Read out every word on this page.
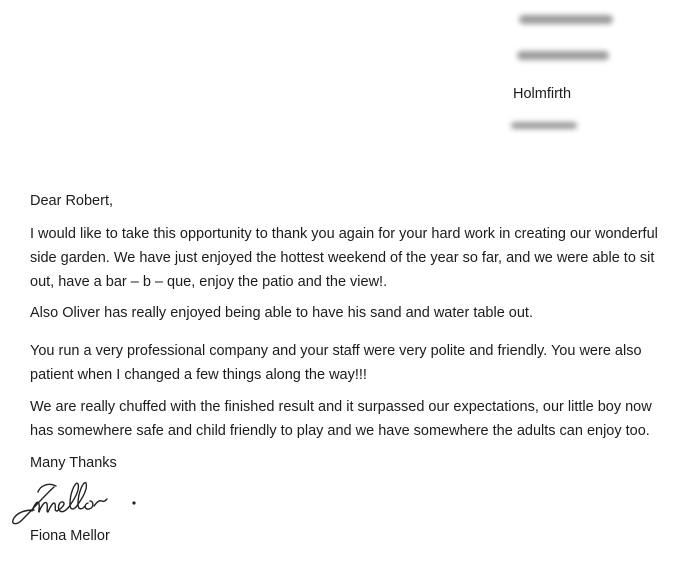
Holmfirth

Dear Robert,

I would like to take this opportunity to thank you again for your hard work in creating our wonderful side garden. We have just enjoyed the hottest weekend of the year so far, and we were able to sit out, have a bar – b – que, enjoy the patio and the view!.

Also Oliver has really enjoyed being able to have his sand and water table out.

You run a very professional company and your staff were very polite and friendly. You were also patient when I changed a few things along the way!!!

We are really chuffed with the finished result and it surpassed our expectations, our little boy now has somewhere safe and child friendly to play and we have somewhere the adults can enjoy too.

Many Thanks

Fiona Mellor
